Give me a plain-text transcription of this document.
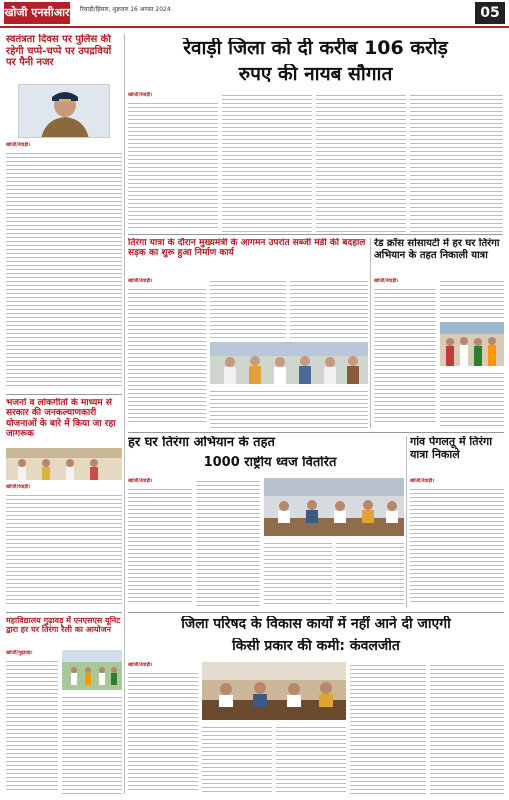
खोजी एनसीआर रिवाड़ी/हिसार, शुक्रवार 16 अगस्त 2024	05
स्वतंत्रता दिवस पर पुलिस की रहेगी चप्पे-चप्पे पर उपद्रवियों पर पैनी नजर
खोजी/रेवाड़ी।
रेवाड़ी जिला को दी करीब 106 करोड़
रुपए की नायब सौगात
खोजी/रेवाड़ी।
तिरंगा यात्रा के दौरान मुख्यमंत्री के आगमन उपरांत सब्जी मंडी की बदहाल सड़क का शुरू हुआ निर्माण कार्य
खोजी/रेवाड़ी।
रेड क्रॉस सोसायटी में हर घर तिरंगा अभियान के तहत निकाली यात्रा
खोजी/रेवाड़ी।
भजनों व लोकगीतों के माध्यम से सरकार की जनकल्याणकारी योजनाओं के बारे में किया जा रहा जागरूक
खोजी/रेवाड़ी।
हर घर तिरंगा अभियान के तहत
1000 राष्ट्रीय ध्वज वितरित
खोजी/रेवाड़ी।
गांव पेगलतू में तिरंगा यात्रा निकाले
खोजी/रेवाड़ी।
महाविद्यालय गुढ़ावड़ में एनएसएस यूनिट द्वारा हर घर तिरंगा रैली का आयोजन
खोजी/गुढ़ावड़।
जिला परिषद के विकास कार्यों में नहीं आने दी जाएगी
किसी प्रकार की कमी: कंवलजीत
खोजी/रेवाड़ी।
